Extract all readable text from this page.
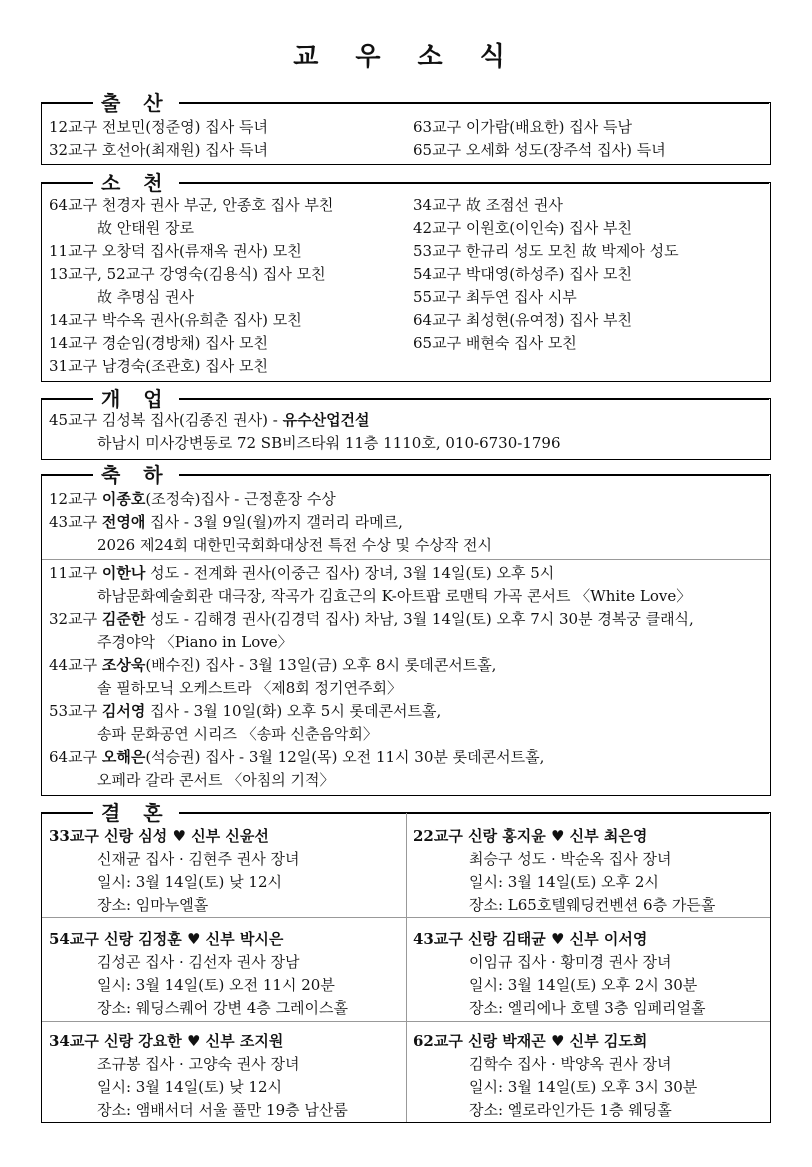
교 우 소 식
출 산
12교구 전보민(정준영) 집사 득녀
32교구 호선아(최재원) 집사 득녀
63교구 이가람(배요한) 집사 득남
65교구 오세화 성도(장주석 집사) 득녀
소 천
64교구 천경자 권사 부군, 안종호 집사 부친
故 안태원 장로
11교구 오창덕 집사(류재옥 권사) 모친
13교구, 52교구 강영숙(김용식) 집사 모친
故 추명심 권사
14교구 박수옥 권사(유희춘 집사) 모친
14교구 경순임(경방채) 집사 모친
31교구 남경숙(조관호) 집사 모친
34교구 故 조점선 권사
42교구 이원호(이인숙) 집사 부친
53교구 한규리 성도 모친 故 박제아 성도
54교구 박대영(하성주) 집사 모친
55교구 최두연 집사 시부
64교구 최성현(유여정) 집사 부친
65교구 배현숙 집사 모친
개 업
45교구 김성복 집사(김종진 권사) - 유수산업건설
하남시 미사강변동로 72 SB비즈타워 11층 1110호, 010-6730-1796
축 하
12교구 이종호(조정숙)집사 - 근정훈장 수상
43교구 전영애 집사 - 3월 9일(월)까지 갤러리 라메르,
2026 제24회 대한민국회화대상전 특전 수상 및 수상작 전시
11교구 이한나 성도 - 전계화 권사(이중근 집사) 장녀, 3월 14일(토) 오후 5시
하남문화예술회관 대극장, 작곡가 김효근의 K-아트팝 로맨틱 가곡 콘서트 〈White Love〉
32교구 김준한 성도 - 김해경 권사(김경덕 집사) 차남, 3월 14일(토) 오후 7시 30분 경복궁 클래식,
주경야악 〈Piano in Love〉
44교구 조상욱(배수진) 집사 - 3월 13일(금) 오후 8시 롯데콘서트홀,
솔 필하모닉 오케스트라 〈제8회 정기연주회〉
53교구 김서영 집사 - 3월 10일(화) 오후 5시 롯데콘서트홀,
송파 문화공연 시리즈 〈송파 신춘음악회〉
64교구 오해은(석승권) 집사 - 3월 12일(목) 오전 11시 30분 롯데콘서트홀,
오페라 갈라 콘서트 〈아침의 기적〉
결 혼
33교구 신랑 심성 ♥ 신부 신윤선
신재균 집사 · 김현주 권사 장녀
일시: 3월 14일(토) 낮 12시
장소: 임마누엘홀
22교구 신랑 홍지윤 ♥ 신부 최은영
최승구 성도 · 박순옥 집사 장녀
일시: 3월 14일(토) 오후 2시
장소: L65호텔웨딩컨벤션 6층 가든홀
54교구 신랑 김정훈 ♥ 신부 박시은
김성곤 집사 · 김선자 권사 장남
일시: 3월 14일(토) 오전 11시 20분
장소: 웨딩스퀘어 강변 4층 그레이스홀
43교구 신랑 김태균 ♥ 신부 이서영
이임규 집사 · 황미경 권사 장녀
일시: 3월 14일(토) 오후 2시 30분
장소: 엘리에나 호텔 3층 임페리얼홀
34교구 신랑 강요한 ♥ 신부 조지원
조규봉 집사 · 고양숙 권사 장녀
일시: 3월 14일(토) 낮 12시
장소: 앰배서더 서울 풀만 19층 남산룸
62교구 신랑 박재곤 ♥ 신부 김도희
김학수 집사 · 박양옥 권사 장녀
일시: 3월 14일(토) 오후 3시 30분
장소: 엘로라인가든 1층 웨딩홀
